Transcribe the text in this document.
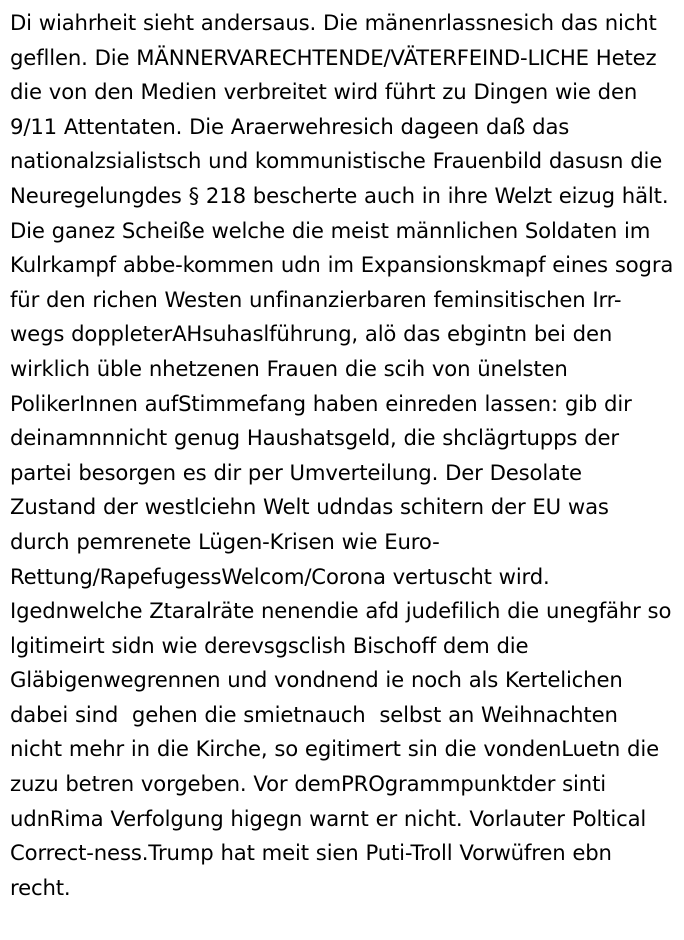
Di wiahrheit sieht andersaus. Die mänenrlassnesich das nicht gefllen. Die MÄNNERVARECHTENDE/VÄTERFEIND-LICHE Hetez die von den Medien verbreitet wird führt zu Dingen wie den 9/11 Attentaten. Die Araerwehresich dageen daß das nationalzsialistsch und kommunistische Frauenbild dasusn die Neuregelungdes § 218 bescherte auch in ihre Welzt eizug hält. Die ganez Scheiße welche die meist männlichen Soldaten im Kulrkampf abbe-kommen udn im Expansionskmapf eines sogra für den richen Westen unfinanzierbaren feminsitischen Irr-wegs doppleterAHsuhaslführung, alö das ebgintn bei den wirklich üble nhetzenen Frauen die scih von ünelsten PolikerInnen aufStimmefang haben einreden lassen: gib dir deinamnnnicht genug Haushatsgeld, die shclägrtupps der partei besorgen es dir per Umverteilung. Der Desolate Zustand der westlciehn Welt udndas schitern der EU was durch pemrenete Lügen-Krisen wie Euro-Rettung/RapefugessWelcom/Corona vertuscht wird. Igednwelche Ztaralräte nenendie afd judefilich die unegfähr so lgitimeirt sidn wie derevsgsclish Bischoff dem die Gläbigenwegrennen und vondnend ie noch als Kertelichen dabei sind  gehen die smietnauch  selbst an Weihnachten nicht mehr in die Kirche, so egitimert sin die vondenLuetn die zuzu betren vorgeben. Vor demPROgrammpunktder sinti udnRima Verfolgung higegn warnt er nicht. Vorlauter Poltical Correct-ness.Trump hat meit sien Puti-Troll Vorwüfren ebn recht.
